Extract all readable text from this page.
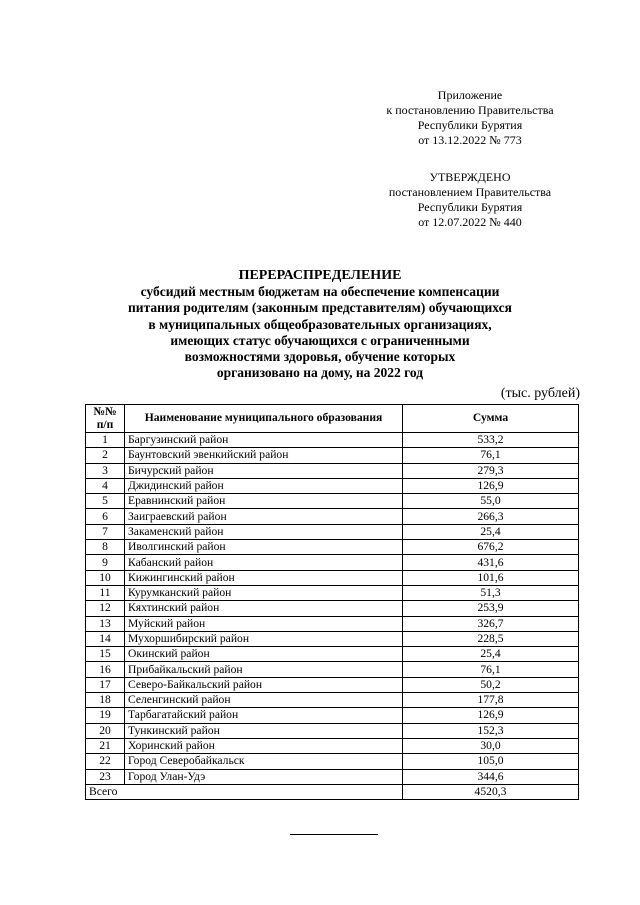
Приложение
к постановлению Правительства
Республики Бурятия
от 13.12.2022 № 773
УТВЕРЖДЕНО
постановлением Правительства
Республики Бурятия
от 12.07.2022 № 440
ПЕРЕРАСПРЕДЕЛЕНИЕ
субсидий местным бюджетам на обеспечение компенсации
питания родителям (законным представителям) обучающихся
в муниципальных общеобразовательных организациях,
имеющих статус обучающихся с ограниченными
возможностями здоровья, обучение которых
организовано на дому, на 2022 год
(тыс. рублей)
№№ п/п	Наименование муниципального образования	Сумма
1	Баргузинский район	533,2
2	Баунтовский эвенкийский район	76,1
3	Бичурский район	279,3
4	Джидинский район	126,9
5	Еравнинский район	55,0
6	Заиграевский район	266,3
7	Закаменский район	25,4
8	Иволгинский район	676,2
9	Кабанский район	431,6
10	Кижингинский район	101,6
11	Курумканский район	51,3
12	Кяхтинский район	253,9
13	Муйский район	326,7
14	Мухоршибирский район	228,5
15	Окинский район	25,4
16	Прибайкальский район	76,1
17	Северо-Байкальский район	50,2
18	Селенгинский район	177,8
19	Тарбагатайский район	126,9
20	Тункинский район	152,3
21	Хоринский район	30,0
22	Город Северобайкальск	105,0
23	Город Улан-Удэ	344,6
Всего		4520,3
